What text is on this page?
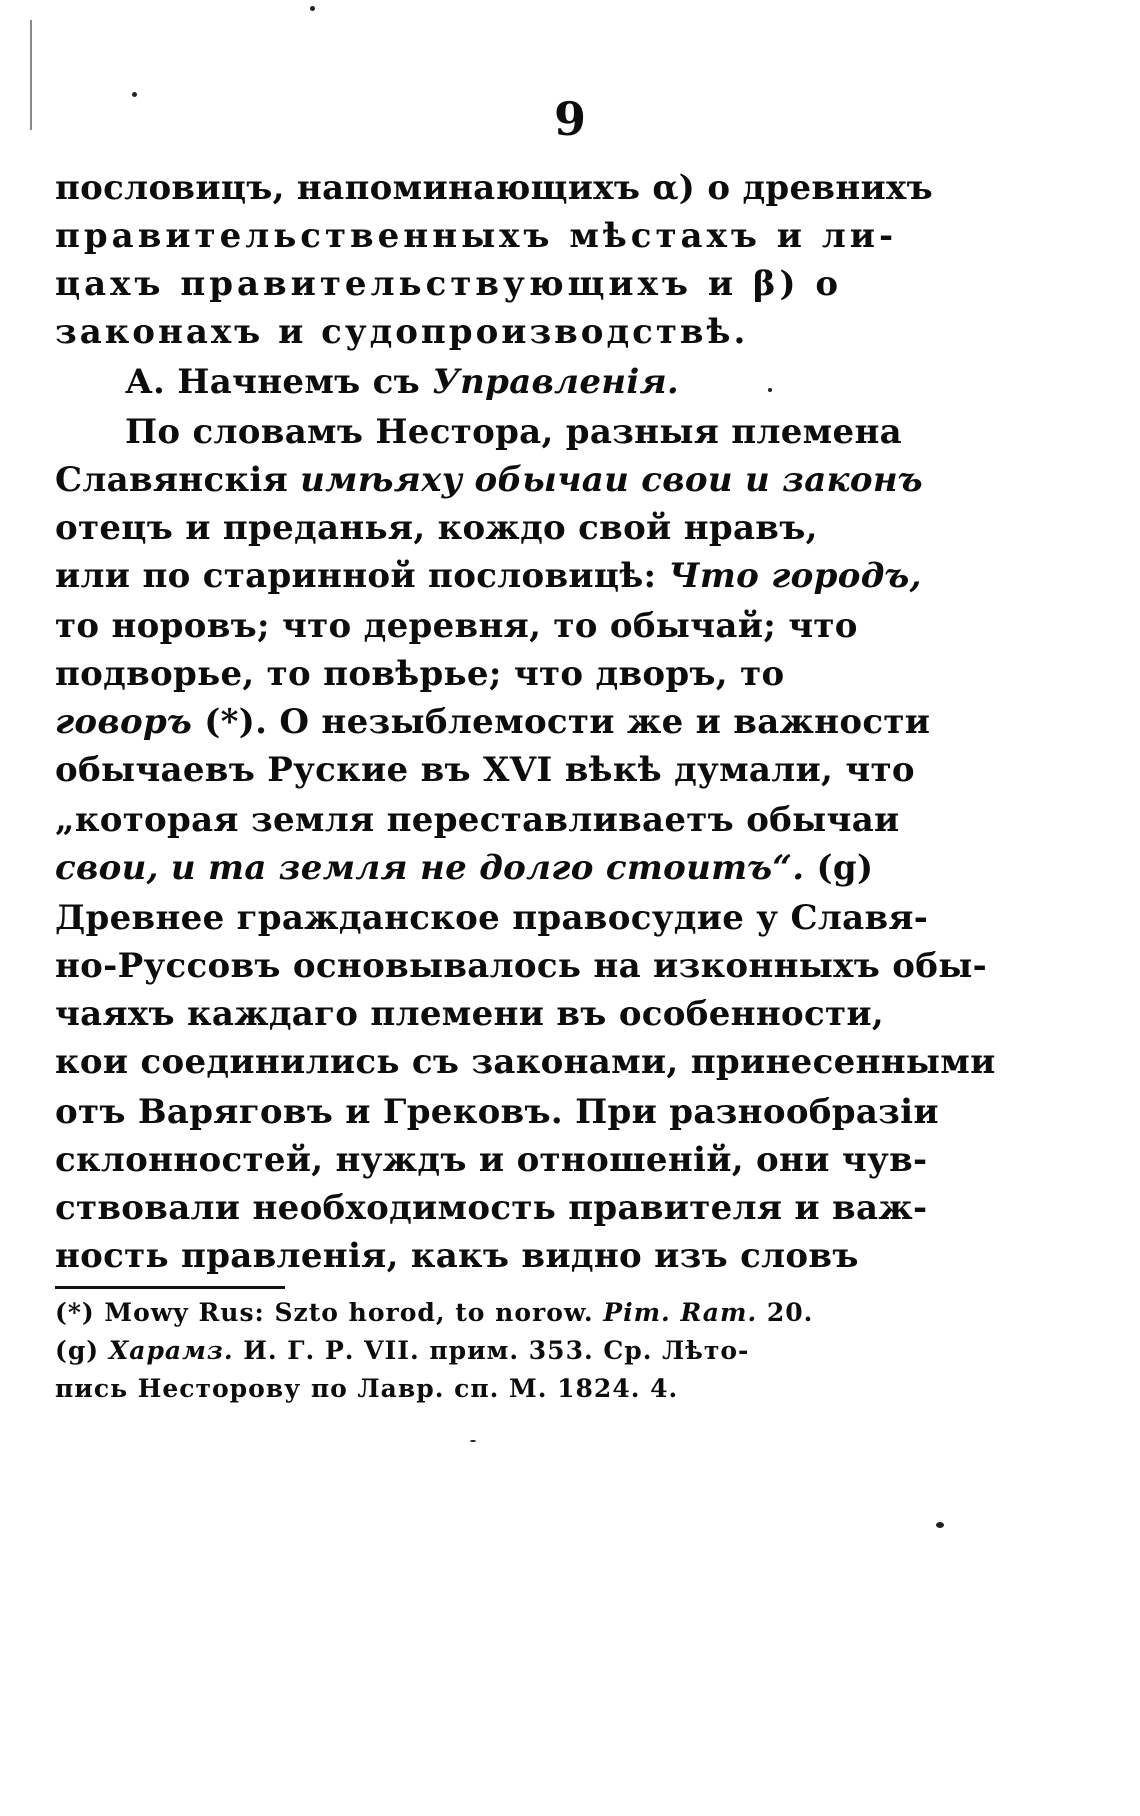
9
пословицъ, напоминающихъ α) о древнихъ
правительственныхъ мѣстахъ и ли-
цахъ правительствующихъ и β) о
законахъ и судопроизводствѣ.
А. Начнемъ съ Управленія.
По словамъ Нестора, разныя племена
Славянскія имѣяху обычаи свои и законъ
отецъ и преданья, кождо свой нравъ,
или по старинной пословицѣ: Что городъ,
то норовъ; что деревня, то обычай; что
подворье, то повѣрье; что дворъ, то
говоръ (*). О незыблемости же и важности
обычаевъ Руские въ XVI вѣкѣ думали, что
„которая земля переставливаетъ обычаи
свои, и та земля не долго стоитъ“. (g)
Древнее гражданское правосудие у Славя-
но-Руссовъ основывалось на изконныхъ обы-
чаяхъ каждаго племени въ особенности,
кои соединились съ законами, принесенными
отъ Варяговъ и Грековъ. При разнообразіи
склонностей, нуждъ и отношеній, они чув-
ствовали необходимость правителя и важ-
ность правленія, какъ видно изъ словъ
(*) Mowy Rus: Szto horod, to norow. Pim. Ram. 20.
(g) Харамз. И. Г. Р. VII. прим. 353. Ср. Лѣто-
пись Несторову по Лавр. сп. М. 1824. 4.
